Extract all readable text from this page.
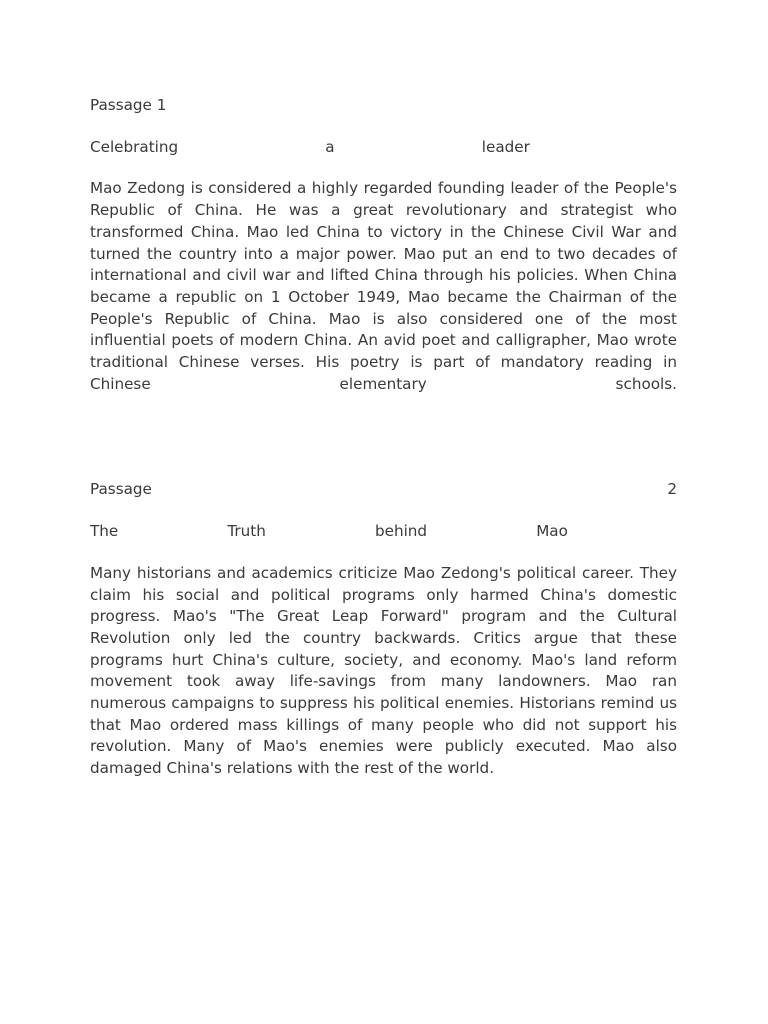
Passage 1

Celebrating	a	leader

Mao Zedong is considered a highly regarded founding leader of the People's Republic of China. He was a great revolutionary and strategist who transformed China. Mao led China to victory in the Chinese Civil War and turned the country into a major power. Mao put an end to two decades of international and civil war and lifted China through his policies. When China became a republic on 1 October 1949, Mao became the Chairman of the People's Republic of China. Mao is also considered one of the most influential poets of modern China. An avid poet and calligrapher, Mao wrote traditional Chinese verses. His poetry is part of mandatory reading in Chinese elementary schools.

Passage	2
The	Truth	behind	Mao

Many historians and academics criticize Mao Zedong's political career. They claim his social and political programs only harmed China's domestic progress. Mao's "The Great Leap Forward" program and the Cultural Revolution only led the country backwards. Critics argue that these programs hurt China's culture, society, and economy. Mao's land reform movement took away life-savings from many landowners. Mao ran numerous campaigns to suppress his political enemies. Historians remind us that Mao ordered mass killings of many people who did not support his revolution. Many of Mao's enemies were publicly executed. Mao also damaged China's relations with the rest of the world.
